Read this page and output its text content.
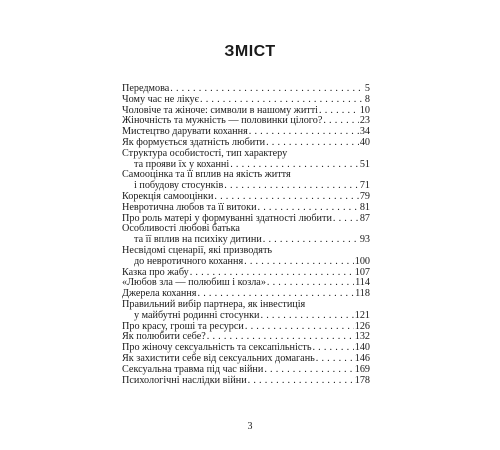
ЗМІСТ
Передмова . . .	5
Чому час не лікує . . .	8
Чоловіче та жіноче: символи в нашому житті . . .	10
Жіночність та мужність — половинки цілого? . . .	23
Мистецтво дарувати кохання . . .	34
Як формується здатність любити . . .	40
Структура особистості, тип характеру
та прояви їх у коханні . . .	51
Самооцінка та її вплив на якість життя
і побудову стосунків . . .	71
Корекція самооцінки . . .	79
Невротична любов та її витоки . . .	81
Про роль матері у формуванні здатності любити . . .	87
Особливості любові батька
та її вплив на психіку дитини . . .	93
Несвідомі сценарії, які призводять
до невротичного кохання . . .	100
Казка про жабу . . .	107
«Любов зла — полюбиш і козла» . . .	114
Джерела кохання . . .	118
Правильний вибір партнера, як інвестиція
у майбутні родинні стосунки . . .	121
Про красу, гроші та ресурси . . .	126
Як полюбити себе? . . .	132
Про жіночу сексуальність та сексапільність . . .	140
Як захистити себе від сексуальних домагань . . .	146
Сексуальна травма під час війни . . .	169
Психологічні наслідки війни . . .	178
3
